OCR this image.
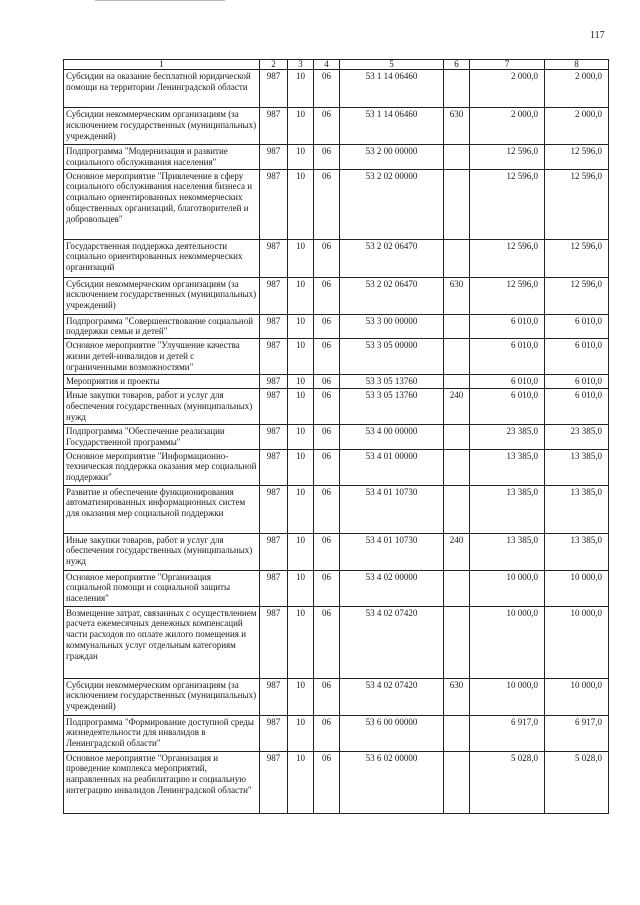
117
1	2	3	4	5	6	7	8
Субсидии на оказание бесплатной юридической помощи на территории Ленинградской области	987	10	06	53 1 14 06460		2 000,0	2 000,0
Субсидии некоммерческим организациям (за исключением государственных (муниципальных) учреждений)	987	10	06	53 1 14 06460	630	2 000,0	2 000,0
Подпрограмма "Модернизация и развитие социального обслуживания населения"	987	10	06	53 2 00 00000		12 596,0	12 596,0
Основное мероприятие "Привлечение в сферу социального обслуживания населения бизнеса и социально ориентированных некоммерческих общественных организаций, благотворителей и добровольцев"	987	10	06	53 2 02 00000		12 596,0	12 596,0
Государственная поддержка деятельности социально ориентированных некоммерческих организаций	987	10	06	53 2 02 06470		12 596,0	12 596,0
Субсидии некоммерческим организациям (за исключением государственных (муниципальных) учреждений)	987	10	06	53 2 02 06470	630	12 596,0	12 596,0
Подпрограмма "Совершенствование социальной поддержки семьи и детей"	987	10	06	53 3 00 00000		6 010,0	6 010,0
Основное мероприятие "Улучшение качества жизни детей-инвалидов и детей с ограниченными возможностями"	987	10	06	53 3 05 00000		6 010,0	6 010,0
Мероприятия и проекты	987	10	06	53 3 05 13760		6 010,0	6 010,0
Иные закупки товаров, работ и услуг для обеспечения государственных (муниципальных) нужд	987	10	06	53 3 05 13760	240	6 010,0	6 010,0
Подпрограмма "Обеспечение реализации Государственной программы"	987	10	06	53 4 00 00000		23 385,0	23 385,0
Основное мероприятие "Информационно-техническая поддержка оказания мер социальной поддержки"	987	10	06	53 4 01 00000		13 385,0	13 385,0
Развитие и обеспечение функционирования автоматизированных информационных систем для оказания мер социальной поддержки	987	10	06	53 4 01 10730		13 385,0	13 385,0
Иные закупки товаров, работ и услуг для обеспечения государственных (муниципальных) нужд	987	10	06	53 4 01 10730	240	13 385,0	13 385,0
Основное мероприятие "Организация социальной помощи и социальной защиты населения"	987	10	06	53 4 02 00000		10 000,0	10 000,0
Возмещение затрат, связанных с осуществлением расчета ежемесячных денежных компенсаций части расходов по оплате жилого помещения и коммунальных услуг отдельным категориям граждан	987	10	06	53 4 02 07420		10 000,0	10 000,0
Субсидии некоммерческим организациям (за исключением государственных (муниципальных) учреждений)	987	10	06	53 4 02 07420	630	10 000,0	10 000,0
Подпрограмма "Формирование доступной среды жизнедеятельности для инвалидов в Ленинградской области"	987	10	06	53 6 00 00000		6 917,0	6 917,0
Основное мероприятие "Организация и проведение комплекса мероприятий, направленных на реабилитацию и социальную интеграцию инвалидов Ленинградской области"	987	10	06	53 6 02 00000		5 028,0	5 028,0
